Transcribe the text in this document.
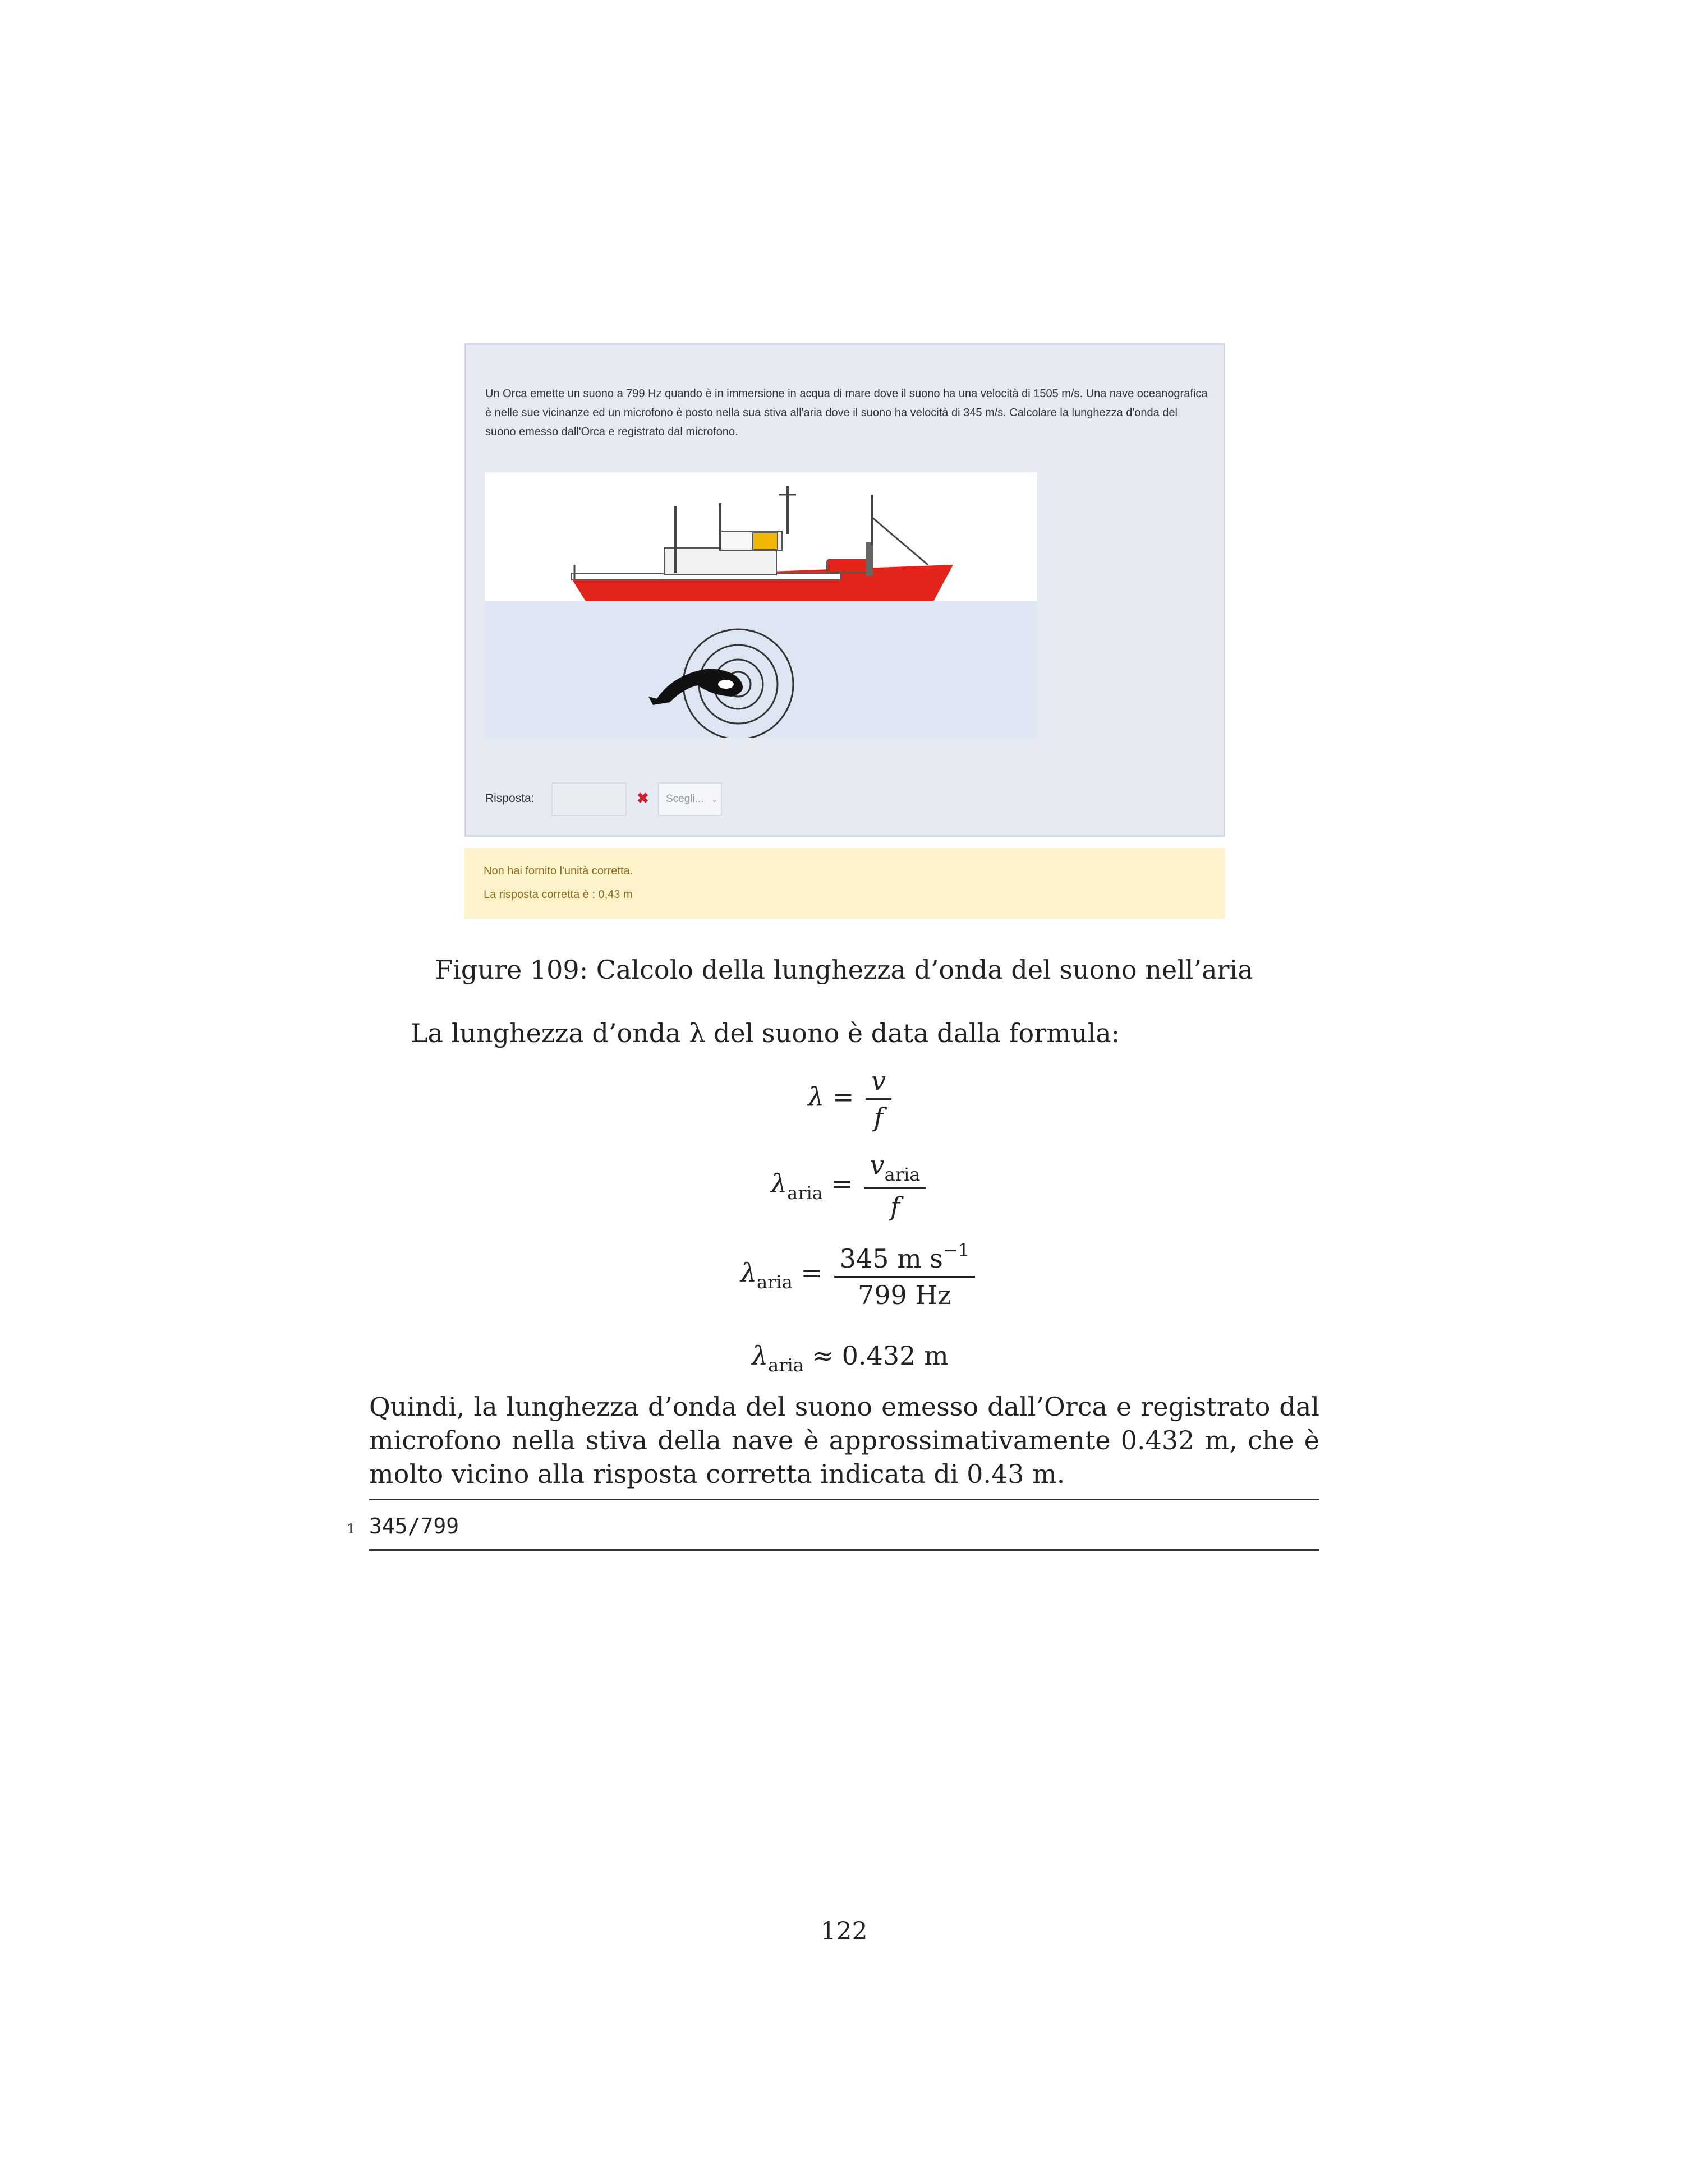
Un Orca emette un suono a 799 Hz quando è in immersione in acqua di mare dove il suono ha una velocità di 1505 m/s. Una nave oceanografica è nelle sue vicinanze ed un microfono è posto nella sua stiva all'aria dove il suono ha velocità di 345 m/s. Calcolare la lunghezza d'onda del suono emesso dall'Orca e registrato dal microfono.
Risposta:	✖	Scegli... ⌄
Non hai fornito l'unità corretta.
La risposta corretta è : 0,43 m
Figure 109: Calcolo della lunghezza d’onda del suono nell’aria
La lunghezza d’onda λ del suono è data dalla formula:
$\lambda = \frac{v}{f}$
$\lambda_{aria} = \frac{v_{aria}}{f}$
$\lambda_{aria} = \frac{345 m s^{-1}}{799 Hz}$
$\lambda_{aria} \approx 0.432$ m
Quindi, la lunghezza d’onda del suono emesso dall’Orca e registrato dal microfono nella stiva della nave è approssimativamente 0.432 m, che è molto vicino alla risposta corretta indicata di 0.43 m.
1 345/799
122
